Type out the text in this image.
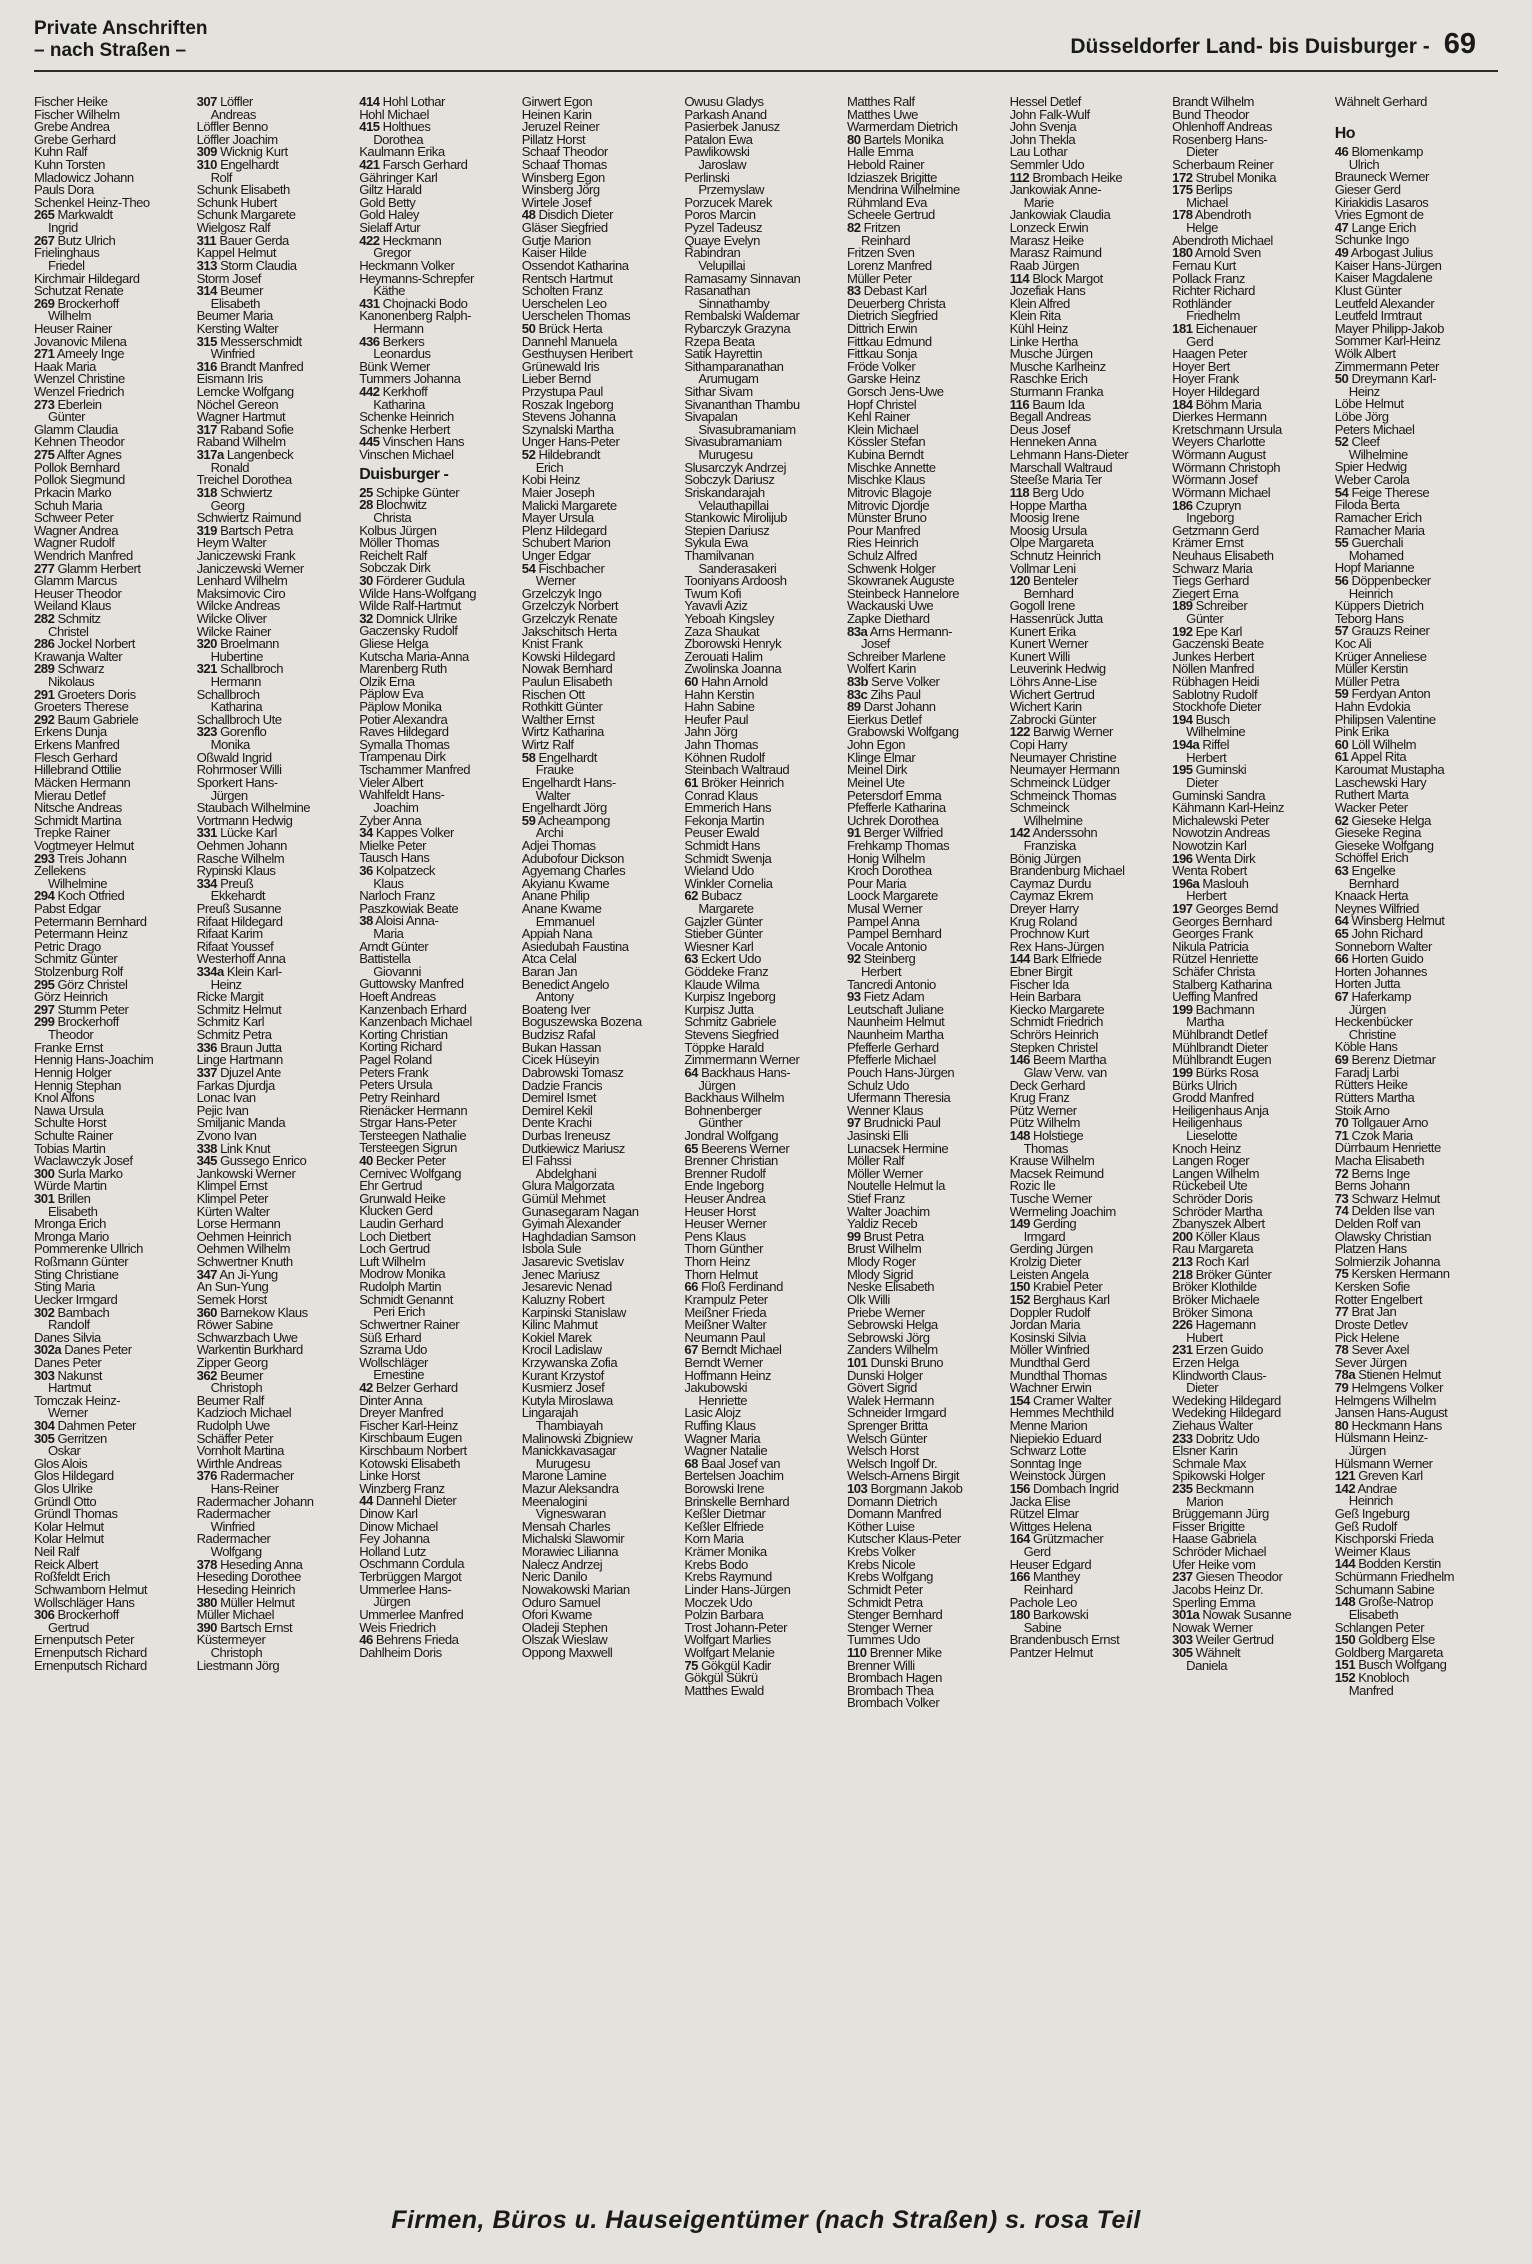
Private Anschriften
– nach Straßen –	Düsseldorfer Land- bis Duisburger - 69
Fischer Heike
Fischer Wilhelm
Grebe Andrea
Grebe Gerhard
Kuhn Ralf
Kuhn Torsten
Mladowicz Johann
Pauls Dora
Schenkel Heinz-Theo
265 Markwaldt
Ingrid
267 Butz Ulrich
Frielinghaus
Friedel
Kirchmair Hildegard
Schutzat Renate
269 Brockerhoff
Wilhelm
Heuser Rainer
Jovanovic Milena
271 Ameely Inge
Haak Maria
Wenzel Christine
Wenzel Friedrich
273 Eberlein
Günter
Glamm Claudia
Kehnen Theodor
275 Alfter Agnes
Pollok Bernhard
Pollok Siegmund
Prkacin Marko
Schuh Maria
Schweer Peter
Wagner Andrea
Wagner Rudolf
Wendrich Manfred
277 Glamm Herbert
Glamm Marcus
Heuser Theodor
Weiland Klaus
282 Schmitz
Christel
286 Jockel Norbert
Krawanja Walter
289 Schwarz
Nikolaus
291 Groeters Doris
Groeters Therese
292 Baum Gabriele
Erkens Dunja
Erkens Manfred
Flesch Gerhard
Hillebrand Ottilie
Mäcken Hermann
Mierau Detlef
Nitsche Andreas
Schmidt Martina
Trepke Rainer
Vogtmeyer Helmut
293 Treis Johann
Zellekens
Wilhelmine
294 Koch Otfried
Pabst Edgar
Petermann Bernhard
Petermann Heinz
Petric Drago
Schmitz Günter
Stolzenburg Rolf
295 Görz Christel
Görz Heinrich
297 Stumm Peter
299 Brockerhoff
Theodor
Franke Ernst
Hennig Hans-Joachim
Hennig Holger
Hennig Stephan
Knol Alfons
Nawa Ursula
Schulte Horst
Schulte Rainer
Tobias Martin
Waclawczyk Josef
300 Surla Marko
Würde Martin
301 Brillen
Elisabeth
Mronga Erich
Mronga Mario
Pommerenke Ullrich
Roßmann Günter
Sting Christiane
Sting Maria
Uecker Irmgard
302 Bambach
Randolf
Danes Silvia
302a Danes Peter
Danes Peter
303 Nakunst
Hartmut
Tomczak Heinz-
Werner
304 Dahmen Peter
305 Gerritzen
Oskar
Glos Alois
Glos Hildegard
Glos Ulrike
Gründl Otto
Gründl Thomas
Kolar Helmut
Kolar Helmut
Neil Ralf
Reick Albert
Roßfeldt Erich
Schwamborn Helmut
Wollschläger Hans
306 Brockerhoff
Gertrud
Ernenputsch Peter
Ernenputsch Richard
Ernenputsch Richard
307 Löffler
Andreas
Löffler Benno
Löffler Joachim
309 Wicknig Kurt
310 Engelhardt
Rolf
Schunk Elisabeth
Schunk Hubert
Schunk Margarete
Wielgosz Ralf
311 Bauer Gerda
Kappel Helmut
313 Storm Claudia
Storm Josef
314 Beumer
Elisabeth
Beumer Maria
Kersting Walter
315 Messerschmidt
Winfried
316 Brandt Manfred
Eismann Iris
Lemcke Wolfgang
Nöchel Gereon
Wagner Hartmut
317 Raband Sofie
Raband Wilhelm
317a Langenbeck
Ronald
Treichel Dorothea
318 Schwiertz
Georg
Schwiertz Raimund
319 Bartsch Petra
Heym Walter
Janiczewski Frank
Janiczewski Werner
Lenhard Wilhelm
Maksimovic Ciro
Wilcke Andreas
Wilcke Oliver
Wilcke Rainer
320 Broelmann
Hubertine
321 Schallbroch
Hermann
Schallbroch
Katharina
Schallbroch Ute
323 Gorenflo
Monika
Oßwald Ingrid
Rohrmoser Willi
Sporkert Hans-
Jürgen
Staubach Wilhelmine
Vortmann Hedwig
331 Lücke Karl
Oehmen Johann
Rasche Wilhelm
Rypinski Klaus
334 Preuß
Ekkehardt
Preuß Susanne
Rifaat Hildegard
Rifaat Karim
Rifaat Youssef
Westerhoff Anna
334a Klein Karl-
Heinz
Ricke Margit
Schmitz Helmut
Schmitz Karl
Schmitz Petra
336 Braun Jutta
Linge Hartmann
337 Djuzel Ante
Farkas Djurdja
Lonac Ivan
Pejic Ivan
Smiljanic Manda
Zvono Ivan
338 Link Knut
345 Gussego Enrico
Jankowski Werner
Klimpel Ernst
Klimpel Peter
Kürten Walter
Lorse Hermann
Oehmen Heinrich
Oehmen Wilhelm
Schwertner Knuth
347 An Ji-Yung
An Sun-Yung
Semek Horst
360 Barnekow Klaus
Röwer Sabine
Schwarzbach Uwe
Warkentin Burkhard
Zipper Georg
362 Beumer
Christoph
Beumer Ralf
Kadzioch Michael
Rudolph Uwe
Schäffer Peter
Vornholt Martina
Wirthle Andreas
376 Radermacher
Hans-Reiner
Radermacher Johann
Radermacher
Winfried
Radermacher
Wolfgang
378 Heseding Anna
Heseding Dorothee
Heseding Heinrich
380 Müller Helmut
Müller Michael
390 Bartsch Ernst
Küstermeyer
Christoph
Liestmann Jörg
414 Hohl Lothar
Hohl Michael
415 Holthues
Dorothea
Kaulmann Erika
421 Farsch Gerhard
Gähringer Karl
Giltz Harald
Gold Betty
Gold Haley
Sielaff Artur
422 Heckmann
Gregor
Heckmann Volker
Heymanns-Schrepfer
Käthe
431 Chojnacki Bodo
Kanonenberg Ralph-
Hermann
436 Berkers
Leonardus
Bünk Werner
Tummers Johanna
442 Kerkhoff
Katharina
Schenke Heinrich
Schenke Herbert
445 Vinschen Hans
Vinschen Michael
Duisburger -
25 Schipke Günter
28 Blochwitz
Christa
Kolbus Jürgen
Möller Thomas
Reichelt Ralf
Sobczak Dirk
30 Förderer Gudula
Wilde Hans-Wolfgang
Wilde Ralf-Hartmut
32 Domnick Ulrike
Gaczensky Rudolf
Gliese Helga
Kutscha Maria-Anna
Marenberg Ruth
Olzik Erna
Päplow Eva
Päplow Monika
Potier Alexandra
Raves Hildegard
Symalla Thomas
Trampenau Dirk
Tschammer Manfred
Vieler Albert
Wahlfeldt Hans-
Joachim
Zyber Anna
34 Kappes Volker
Mielke Peter
Tausch Hans
36 Kolpatzeck
Klaus
Narloch Franz
Paszkowiak Beate
38 Aloisi Anna-
Maria
Arndt Günter
Battistella
Giovanni
Guttowsky Manfred
Hoeft Andreas
Kanzenbach Erhard
Kanzenbach Michael
Korting Christian
Korting Richard
Pagel Roland
Peters Frank
Peters Ursula
Petry Reinhard
Rienäcker Hermann
Strgar Hans-Peter
Tersteegen Nathalie
Tersteegen Sigrun
40 Becker Peter
Cernivec Wolfgang
Ehr Gertrud
Grunwald Heike
Klucken Gerd
Laudin Gerhard
Loch Dietbert
Loch Gertrud
Luft Wilhelm
Modrow Monika
Rudolph Martin
Schmidt Genannt
Peri Erich
Schwertner Rainer
Süß Erhard
Szrama Udo
Wollschläger
Ernestine
42 Belzer Gerhard
Dinter Anna
Dreyer Manfred
Fischer Karl-Heinz
Kirschbaum Eugen
Kirschbaum Norbert
Kotowski Elisabeth
Linke Horst
Winzberg Franz
44 Dannehl Dieter
Dinow Karl
Dinow Michael
Fey Johanna
Holland Lutz
Oschmann Cordula
Terbrüggen Margot
Ummerlee Hans-
Jürgen
Ummerlee Manfred
Weis Friedrich
46 Behrens Frieda
Dahlheim Doris
Girwert Egon
Heinen Karin
Jeruzel Reiner
Pillatz Horst
Schaaf Theodor
Schaaf Thomas
Winsberg Egon
Winsberg Jörg
Wirtele Josef
48 Disdich Dieter
Gläser Siegfried
Gutje Marion
Kaiser Hilde
Ossendot Katharina
Rentsch Hartmut
Scholten Franz
Uerschelen Leo
Uerschelen Thomas
50 Brück Herta
Dannehl Manuela
Gesthuysen Heribert
Grünewald Iris
Lieber Bernd
Przystupa Paul
Roszak Ingeborg
Stevens Johanna
Szynalski Martha
Unger Hans-Peter
52 Hildebrandt
Erich
Kobi Heinz
Maier Joseph
Malicki Margarete
Mayer Ursula
Plenz Hildegard
Schubert Marion
Unger Edgar
54 Fischbacher
Werner
Grzelczyk Ingo
Grzelczyk Norbert
Grzelczyk Renate
Jakschitsch Herta
Knist Frank
Kowski Hildegard
Nowak Bernhard
Paulun Elisabeth
Rischen Ott
Rothkitt Günter
Walther Ernst
Wirtz Katharina
Wirtz Ralf
58 Engelhardt
Frauke
Engelhardt Hans-
Walter
Engelhardt Jörg
59 Acheampong
Archi
Adjei Thomas
Adubofour Dickson
Agyemang Charles
Akyianu Kwame
Anane Philip
Anane Kwame
Emmanuel
Appiah Nana
Asiedubah Faustina
Atca Celal
Baran Jan
Benedict Angelo
Antony
Boateng Iver
Boguszewska Bozena
Budzisz Rafal
Bukan Hassan
Cicek Hüseyin
Dabrowski Tomasz
Dadzie Francis
Demirel Ismet
Demirel Kekil
Dente Krachi
Durbas Ireneusz
Dutkiewicz Mariusz
El Fahssi
Abdelghani
Glura Malgorzata
Gümül Mehmet
Gunasegaram Nagan
Gyimah Alexander
Haghdadian Samson
Isbola Sule
Jasarevic Svetislav
Jenec Mariusz
Jesarevic Nenad
Kaluzny Robert
Karpinski Stanislaw
Kilinc Mahmut
Kokiel Marek
Krocil Ladislaw
Krzywanska Zofia
Kurant Krzystof
Kusmierz Josef
Kutyla Miroslawa
Lingarajah
Thambiayah
Malinowski Zbigniew
Manickkavasagar
Murugesu
Marone Lamine
Mazur Aleksandra
Meenalogini
Vigneswaran
Mensah Charles
Michalski Slawomir
Morawiec Lilianna
Nalecz Andrzej
Neric Danilo
Nowakowski Marian
Oduro Samuel
Ofori Kwame
Oladeji Stephen
Olszak Wieslaw
Oppong Maxwell
Owusu Gladys
Parkash Anand
Pasierbek Janusz
Patalon Ewa
Pawlikowski
Jaroslaw
Perlinski
Przemyslaw
Porzucek Marek
Poros Marcin
Pyzel Tadeusz
Quaye Evelyn
Rabindran
Velupillai
Ramasamy Sinnavan
Rasanathan
Sinnathamby
Rembalski Waldemar
Rybarczyk Grazyna
Rzepa Beata
Satik Hayrettin
Sithamparanathan
Arumugam
Sithar Sivam
Sivananthan Thambu
Sivapalan
Sivasubramaniam
Sivasubramaniam
Murugesu
Slusarczyk Andrzej
Sobczyk Dariusz
Sriskandarajah
Velauthapillai
Stankowic Mirolijub
Stepien Dariusz
Sykula Ewa
Thamilvanan
Sanderasakeri
Tooniyans Ardoosh
Twum Kofi
Yavavli Aziz
Yeboah Kingsley
Zaza Shaukat
Zborowski Henryk
Zerouati Halim
Zwolinska Joanna
60 Hahn Arnold
Hahn Kerstin
Hahn Sabine
Heufer Paul
Jahn Jörg
Jahn Thomas
Köhnen Rudolf
Steinbach Waltraud
61 Bröker Heinrich
Conrad Klaus
Emmerich Hans
Fekonja Martin
Peuser Ewald
Schmidt Hans
Schmidt Swenja
Wieland Udo
Winkler Cornelia
62 Bubacz
Margarete
Gajzler Günter
Stieber Günter
Wiesner Karl
63 Eckert Udo
Göddeke Franz
Klaude Wilma
Kurpisz Ingeborg
Kurpisz Jutta
Schmitz Gabriele
Stevens Siegfried
Töppke Harald
Zimmermann Werner
64 Backhaus Hans-
Jürgen
Backhaus Wilhelm
Bohnenberger
Günther
Jondral Wolfgang
65 Beerens Werner
Brenner Christian
Brenner Rudolf
Ende Ingeborg
Heuser Andrea
Heuser Horst
Heuser Werner
Pens Klaus
Thorn Günther
Thorn Heinz
Thorn Helmut
66 Floß Ferdinand
Krampulz Peter
Meißner Frieda
Meißner Walter
Neumann Paul
67 Berndt Michael
Berndt Werner
Hoffmann Heinz
Jakubowski
Henriette
Lasic Alojz
Ruffing Klaus
Wagner Maria
Wagner Natalie
68 Baal Josef van
Bertelsen Joachim
Borowski Irene
Brinskelle Bernhard
Keßler Dietmar
Keßler Elfriede
Korn Maria
Krämer Monika
Krebs Bodo
Krebs Raymund
Linder Hans-Jürgen
Moczek Udo
Polzin Barbara
Trost Johann-Peter
Wolfgart Marlies
Wolfgart Melanie
75 Gökgül Kadir
Gökgül Sükrü
Matthes Ewald
Matthes Ralf
Matthes Uwe
Warmerdam Dietrich
80 Bartels Monika
Halle Emma
Hebold Rainer
Idziaszek Brigitte
Mendrina Wilhelmine
Rühmland Eva
Scheele Gertrud
82 Fritzen
Reinhard
Fritzen Sven
Lorenz Manfred
Müller Peter
83 Debast Karl
Deuerberg Christa
Dietrich Siegfried
Dittrich Erwin
Fittkau Edmund
Fittkau Sonja
Fröde Volker
Garske Heinz
Gorsch Jens-Uwe
Hopf Christel
Kehl Rainer
Klein Michael
Kössler Stefan
Kubina Berndt
Mischke Annette
Mischke Klaus
Mitrovic Blagoje
Mitrovic Djordje
Münster Bruno
Pour Manfred
Ries Heinrich
Schulz Alfred
Schwenk Holger
Skowranek Auguste
Steinbeck Hannelore
Wackauski Uwe
Zapke Diethard
83a Arns Hermann-
Josef
Schreiber Marlene
Wolfert Karin
83b Serve Volker
83c Zihs Paul
89 Darst Johann
Eierkus Detlef
Grabowski Wolfgang
John Egon
Klinge Elmar
Meinel Dirk
Meinel Ute
Petersdorf Emma
Pfefferle Katharina
Uchrek Dorothea
91 Berger Wilfried
Frehkamp Thomas
Honig Wilhelm
Kroch Dorothea
Pour Maria
Loock Margarete
Musal Werner
Pampel Anna
Pampel Bernhard
Vocale Antonio
92 Steinberg
Herbert
Tancredi Antonio
93 Fietz Adam
Leutschaft Juliane
Naunheim Helmut
Naunheim Martha
Pfefferle Gerhard
Pfefferle Michael
Pouch Hans-Jürgen
Schulz Udo
Ufermann Theresia
Wenner Klaus
97 Brudnicki Paul
Jasinski Elli
Lunacsek Hermine
Möller Ralf
Möller Werner
Noutelle Helmut la
Stief Franz
Walter Joachim
Yaldiz Receb
99 Brust Petra
Brust Wilhelm
Mlody Roger
Mlody Sigrid
Neske Elisabeth
Olk Willi
Priebe Werner
Sebrowski Helga
Sebrowski Jörg
Zanders Wilhelm
101 Dunski Bruno
Dunski Holger
Gövert Sigrid
Walek Hermann
Schneider Irmgard
Sprenger Britta
Welsch Günter
Welsch Horst
Welsch Ingolf Dr.
Welsch-Arnens Birgit
103 Borgmann Jakob
Domann Dietrich
Domann Manfred
Köther Luise
Kutscher Klaus-Peter
Krebs Volker
Krebs Nicole
Krebs Wolfgang
Schmidt Peter
Schmidt Petra
Stenger Bernhard
Stenger Werner
Tummes Udo
110 Brenner Mike
Brenner Willi
Brombach Hagen
Brombach Thea
Brombach Volker
Hessel Detlef
John Falk-Wulf
John Svenja
John Thekla
Lau Lothar
Semmler Udo
112 Brombach Heike
Jankowiak Anne-
Marie
Jankowiak Claudia
Lonzeck Erwin
Marasz Heike
Marasz Raimund
Raab Jürgen
114 Block Margot
Jozefiak Hans
Klein Alfred
Klein Rita
Kühl Heinz
Linke Hertha
Musche Jürgen
Musche Karlheinz
Raschke Erich
Sturmann Franka
116 Baum Ida
Begall Andreas
Deus Josef
Henneken Anna
Lehmann Hans-Dieter
Marschall Waltraud
Steeße Maria Ter
118 Berg Udo
Hoppe Martha
Moosig Irene
Moosig Ursula
Olpe Margareta
Schnutz Heinrich
Vollmar Leni
120 Benteler
Bernhard
Gogoll Irene
Hassenrück Jutta
Kunert Erika
Kunert Werner
Kunert Willi
Leuverink Hedwig
Löhrs Anne-Lise
Wichert Gertrud
Wichert Karin
Zabrocki Günter
122 Barwig Werner
Copi Harry
Neumayer Christine
Neumayer Hermann
Schmeinck Lüdger
Schmeinck Thomas
Schmeinck
Wilhelmine
142 Anderssohn
Franziska
Bönig Jürgen
Brandenburg Michael
Caymaz Durdu
Caymaz Ekrem
Dreyer Harry
Krug Roland
Prochnow Kurt
Rex Hans-Jürgen
144 Bark Elfriede
Ebner Birgit
Fischer Ida
Hein Barbara
Kiecko Margarete
Schmidt Friedrich
Schrörs Heinrich
Stepken Christel
146 Beem Martha
Glaw Verw. van
Deck Gerhard
Krug Franz
Pütz Werner
Pütz Wilhelm
148 Holstiege
Thomas
Krause Wilhelm
Macsek Reimund
Rozic Ile
Tusche Werner
Wermeling Joachim
149 Gerding
Irmgard
Gerding Jürgen
Krolzig Dieter
Leisten Angela
150 Krabiel Peter
152 Berghaus Karl
Doppler Rudolf
Jordan Maria
Kosinski Silvia
Möller Winfried
Mundthal Gerd
Mundthal Thomas
Wachner Erwin
154 Cramer Walter
Hemmes Mechthild
Menne Marion
Niepiekio Eduard
Schwarz Lotte
Sonntag Inge
Weinstock Jürgen
156 Dombach Ingrid
Jacka Elise
Rützel Elmar
Wittges Helena
164 Grützmacher
Gerd
Heuser Edgard
166 Manthey
Reinhard
Pachole Leo
180 Barkowski
Sabine
Brandenbusch Ernst
Pantzer Helmut
Brandt Wilhelm
Bund Theodor
Ohlenhoff Andreas
Rosenberg Hans-
Dieter
Scherbaum Reiner
172 Strubel Monika
175 Berlips
Michael
178 Abendroth
Helge
Abendroth Michael
180 Arnold Sven
Fernau Kurt
Pollack Franz
Richter Richard
Rothländer
Friedhelm
181 Eichenauer
Gerd
Haagen Peter
Hoyer Bert
Hoyer Frank
Hoyer Hildegard
184 Böhm Maria
Dierkes Hermann
Kretschmann Ursula
Weyers Charlotte
Wörmann August
Wörmann Christoph
Wörmann Josef
Wörmann Michael
186 Czupryn
Ingeborg
Getzmann Gerd
Krämer Ernst
Neuhaus Elisabeth
Schwarz Maria
Tiegs Gerhard
Ziegert Erna
189 Schreiber
Günter
192 Epe Karl
Gaczenski Beate
Junkes Herbert
Nöllen Manfred
Rübhagen Heidi
Sablotny Rudolf
Stockhofe Dieter
194 Busch
Wilhelmine
194a Riffel
Herbert
195 Guminski
Dieter
Guminski Sandra
Kähmann Karl-Heinz
Michalewski Peter
Nowotzin Andreas
Nowotzin Karl
196 Wenta Dirk
Wenta Robert
196a Maslouh
Herbert
197 Georges Bernd
Georges Bernhard
Georges Frank
Nikula Patricia
Rützel Henriette
Schäfer Christa
Stalberg Katharina
Ueffing Manfred
199 Bachmann
Martha
Mühlbrandt Detlef
Mühlbrandt Dieter
Mühlbrandt Eugen
199 Bürks Rosa
Bürks Ulrich
Grodd Manfred
Heiligenhaus Anja
Heiligenhaus
Lieselotte
Knoch Heinz
Langen Roger
Langen Wilhelm
Rückebeil Ute
Schröder Doris
Schröder Martha
Zbanyszek Albert
200 Köller Klaus
Rau Margareta
213 Roch Karl
218 Bröker Günter
Bröker Klothilde
Bröker Michaele
Bröker Simona
226 Hagemann
Hubert
231 Erzen Guido
Erzen Helga
Klindworth Claus-
Dieter
Wedeking Hildegard
Wedeking Hildegard
Ziehaus Walter
233 Dobritz Udo
Elsner Karin
Schmale Max
Spikowski Holger
235 Beckmann
Marion
Brüggemann Jürg
Fisser Brigitte
Haase Gabriela
Schröder Michael
Ufer Heike vom
237 Giesen Theodor
Jacobs Heinz Dr.
Sperling Emma
301a Nowak Susanne
Nowak Werner
303 Weiler Gertrud
305 Wähnelt
Daniela
Wähnelt Gerhard
Ho
46 Blomenkamp
Ulrich
Brauneck Werner
Gieser Gerd
Kiriakidis Lasaros
Vries Egmont de
47 Lange Erich
Schunke Ingo
49 Arbogast Julius
Kaiser Hans-Jürgen
Kaiser Magdalene
Klust Günter
Leutfeld Alexander
Leutfeld Irmtraut
Mayer Philipp-Jakob
Sommer Karl-Heinz
Wölk Albert
Zimmermann Peter
50 Dreymann Karl-
Heinz
Löbe Helmut
Löbe Jörg
Peters Michael
52 Cleef
Wilhelmine
Spier Hedwig
Weber Carola
54 Feige Therese
Filoda Berta
Ramacher Erich
Ramacher Maria
55 Guerchali
Mohamed
Hopf Marianne
56 Döppenbecker
Heinrich
Küppers Dietrich
Teborg Hans
57 Grauzs Reiner
Koc Ali
Krüger Anneliese
Müller Kerstin
Müller Petra
59 Ferdyan Anton
Hahn Evdokia
Philipsen Valentine
Pink Erika
60 Löll Wilhelm
61 Appel Rita
Karoumat Mustapha
Laschewski Hary
Ruthert Marta
Wacker Peter
62 Gieseke Helga
Gieseke Regina
Gieseke Wolfgang
Schöffel Erich
63 Engelke
Bernhard
Knaack Herta
Neynes Wilfried
64 Winsberg Helmut
65 John Richard
Sonneborn Walter
66 Horten Guido
Horten Johannes
Horten Jutta
67 Haferkamp
Jürgen
Heckenbücker
Christine
Köble Hans
69 Berenz Dietmar
Faradj Larbi
Rütters Heike
Rütters Martha
Stoik Arno
70 Tollgauer Arno
71 Czok Maria
Dürrbaum Henriette
Macha Elisabeth
72 Berns Inge
Berns Johann
73 Schwarz Helmut
74 Delden Ilse van
Delden Rolf van
Olawsky Christian
Platzen Hans
Solmierzik Johanna
75 Kersken Hermann
Kersken Sofie
Rotter Engelbert
77 Brat Jan
Droste Detlev
Pick Helene
78 Sever Axel
Sever Jürgen
78a Stienen Helmut
79 Helmgens Volker
Helmgens Wilhelm
Jansen Hans-August
80 Heckmann Hans
Hülsmann Heinz-
Jürgen
Hülsmann Werner
121 Greven Karl
142 Andrae
Heinrich
Geß Ingeburg
Geß Rudolf
Kischporski Frieda
Weimer Klaus
144 Bodden Kerstin
Schürmann Friedhelm
Schumann Sabine
148 Große-Natrop
Elisabeth
Schlangen Peter
150 Goldberg Else
Goldberg Margareta
151 Busch Wolfgang
152 Knobloch
Manfred
Firmen, Büros u. Hauseigentümer (nach Straßen) s. rosa Teil
